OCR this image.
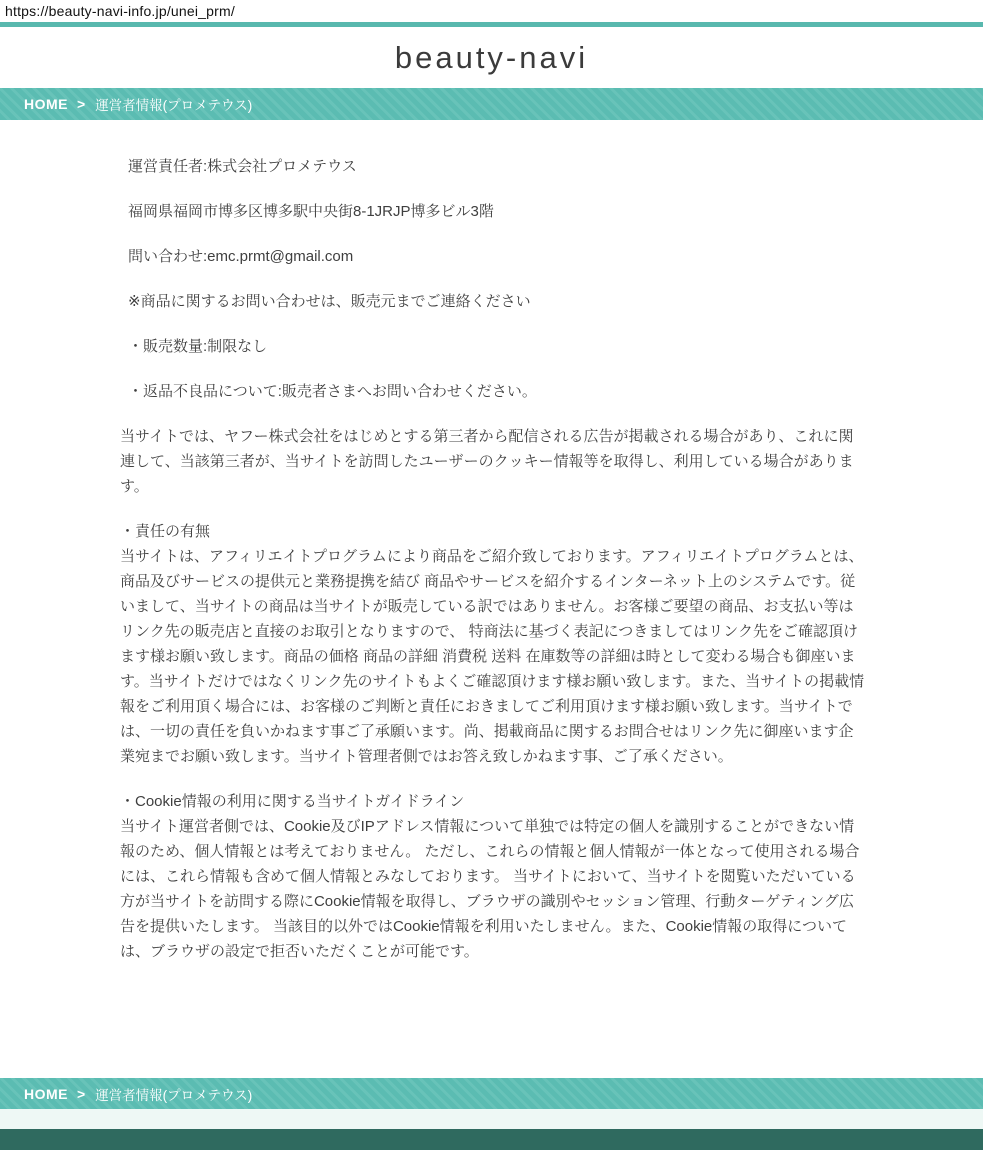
https://beauty-navi-info.jp/unei_prm/
beauty-navi
HOME > 運営者情報(プロメテウス)

運営責任者:株式会社プロメテウス

福岡県福岡市博多区博多駅中央街8-1JRJP博多ビル3階

問い合わせ:emc.prmt@gmail.com

※商品に関するお問い合わせは、販売元までご連絡ください

・販売数量:制限なし

・返品不良品について:販売者さまへお問い合わせください。

当サイトでは、ヤフー株式会社をはじめとする第三者から配信される広告が掲載される場合があり、これに関連して、当該第三者が、当サイトを訪問したユーザーのクッキー情報等を取得し、利用している場合があります。

・責任の有無
当サイトは、アフィリエイトプログラムにより商品をご紹介致しております。アフィリエイトプログラムとは、商品及びサービスの提供元と業務提携を結び 商品やサービスを紹介するインターネット上のシステムです。従いまして、当サイトの商品は当サイトが販売している訳ではありません。お客様ご要望の商品、お支払い等はリンク先の販売店と直接のお取引となりますので、 特商法に基づく表記につきましてはリンク先をご確認頂けます様お願い致します。商品の価格 商品の詳細 消費税 送料 在庫数等の詳細は時として変わる場合も御座います。当サイトだけではなくリンク先のサイトもよくご確認頂けます様お願い致します。また、当サイトの掲載情報をご利用頂く場合には、お客様のご判断と責任におきましてご利用頂けます様お願い致します。当サイトでは、一切の責任を負いかねます事ご了承願います。尚、掲載商品に関するお問合せはリンク先に御座います企業宛までお願い致します。当サイト管理者側ではお答え致しかねます事、ご了承ください。

・Cookie情報の利用に関する当サイトガイドライン
当サイト運営者側では、Cookie及びIPアドレス情報について単独では特定の個人を識別することができない情報のため、個人情報とは考えておりません。 ただし、これらの情報と個人情報が一体となって使用される場合には、これら情報も含めて個人情報とみなしております。 当サイトにおいて、当サイトを閲覧いただいている方が当サイトを訪問する際にCookie情報を取得し、ブラウザの識別やセッション管理、行動ターゲティング広告を提供いたします。 当該目的以外ではCookie情報を利用いたしません。また、Cookie情報の取得については、ブラウザの設定で拒否いただくことが可能です。

HOME > 運営者情報(プロメテウス)
